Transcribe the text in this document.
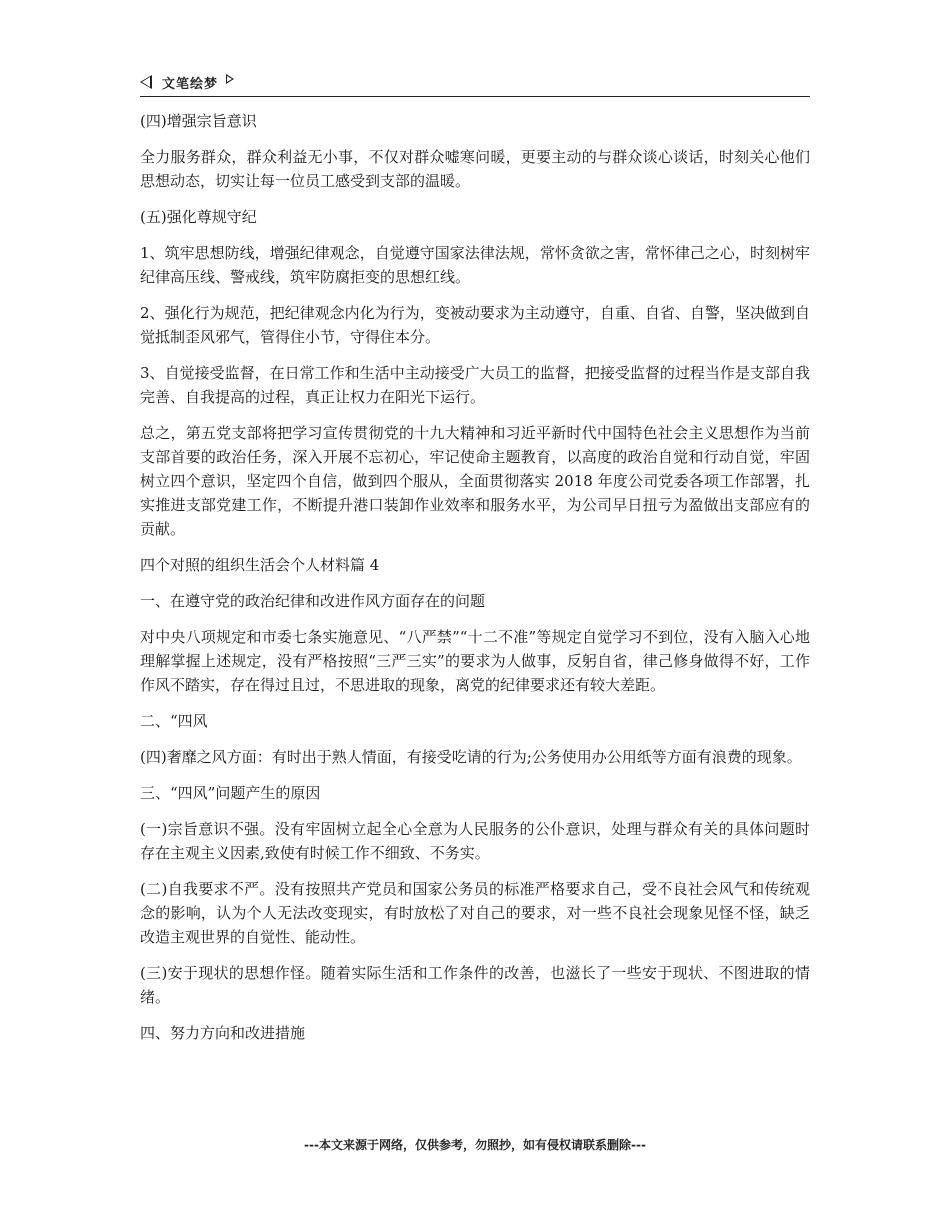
文笔绘梦

(四)增强宗旨意识

全力服务群众，群众利益无小事，不仅对群众嘘寒问暖，更要主动的与群众谈心谈话，时刻关心他们思想动态，切实让每一位员工感受到支部的温暖。

(五)强化尊规守纪

1、筑牢思想防线，增强纪律观念，自觉遵守国家法律法规，常怀贪欲之害，常怀律己之心，时刻树牢纪律高压线、警戒线，筑牢防腐拒变的思想红线。

2、强化行为规范，把纪律观念内化为行为，变被动要求为主动遵守，自重、自省、自警，坚决做到自觉抵制歪风邪气，管得住小节，守得住本分。

3、自觉接受监督，在日常工作和生活中主动接受广大员工的监督，把接受监督的过程当作是支部自我完善、自我提高的过程，真正让权力在阳光下运行。

总之，第五党支部将把学习宣传贯彻党的十九大精神和习近平新时代中国特色社会主义思想作为当前支部首要的政治任务，深入开展不忘初心，牢记使命主题教育，以高度的政治自觉和行动自觉，牢固树立四个意识，坚定四个自信，做到四个服从，全面贯彻落实 2018 年度公司党委各项工作部署，扎实推进支部党建工作，不断提升港口装卸作业效率和服务水平，为公司早日扭亏为盈做出支部应有的贡献。

四个对照的组织生活会个人材料篇 4

一、在遵守党的政治纪律和改进作风方面存在的问题

对中央八项规定和市委七条实施意见、“八严禁”“十二不准”等规定自觉学习不到位，没有入脑入心地理解掌握上述规定，没有严格按照“三严三实”的要求为人做事，反躬自省，律己修身做得不好，工作作风不踏实，存在得过且过，不思进取的现象，离党的纪律要求还有较大差距。

二、“四风

(四)奢靡之风方面：有时出于熟人情面，有接受吃请的行为;公务使用办公用纸等方面有浪费的现象。

三、“四风”问题产生的原因

(一)宗旨意识不强。没有牢固树立起全心全意为人民服务的公仆意识，处理与群众有关的具体问题时存在主观主义因素,致使有时候工作不细致、不务实。

(二)自我要求不严。没有按照共产党员和国家公务员的标准严格要求自己，受不良社会风气和传统观念的影响，认为个人无法改变现实，有时放松了对自己的要求，对一些不良社会现象见怪不怪，缺乏改造主观世界的自觉性、能动性。

(三)安于现状的思想作怪。随着实际生活和工作条件的改善，也滋长了一些安于现状、不图进取的情绪。

四、努力方向和改进措施

---本文来源于网络，仅供参考，勿照抄，如有侵权请联系删除---
